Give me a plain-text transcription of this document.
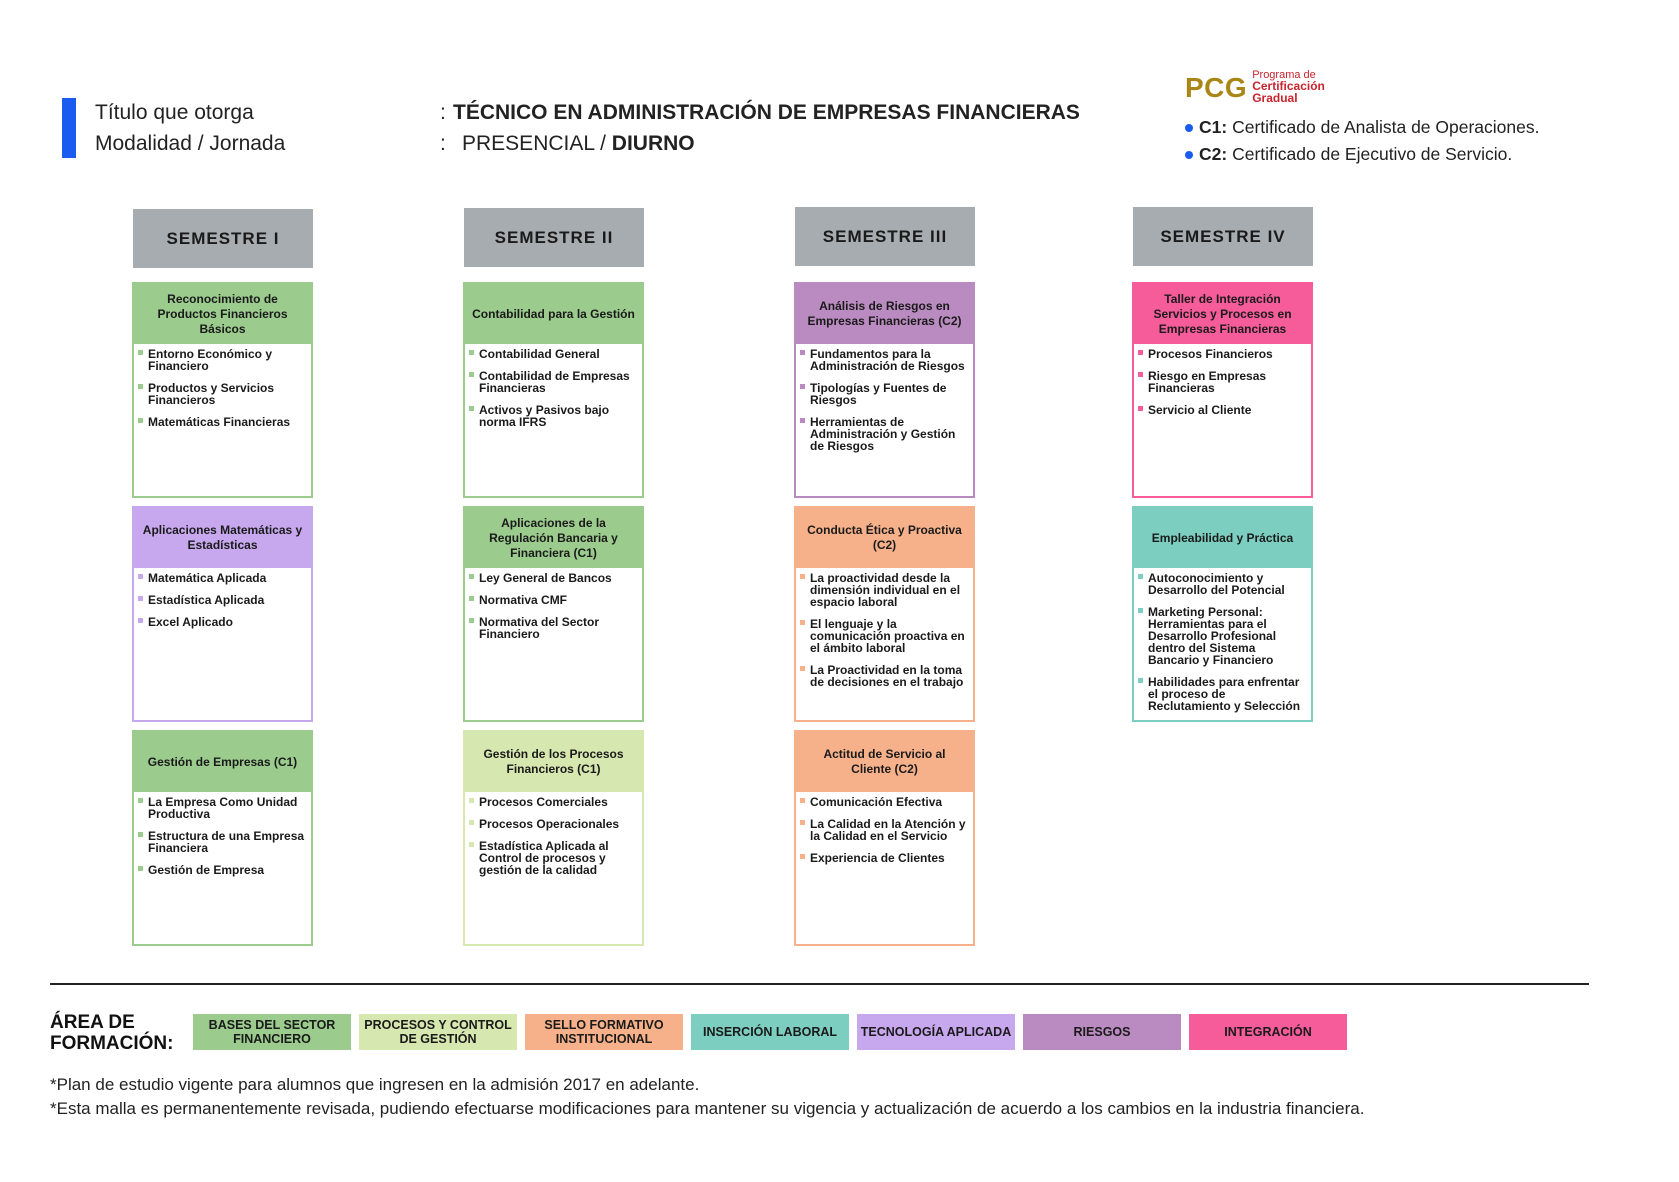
Título que otorga
Modalidad / Jornada
:
:
TÉCNICO EN ADMINISTRACIÓN DE EMPRESAS FINANCIERAS
PRESENCIAL / DIURNO
PCG Programa de
Certificación
Gradual
C1: Certificado de Analista de Operaciones.
C2: Certificado de Ejecutivo de Servicio.
SEMESTRE I	SEMESTRE II	SEMESTRE III	SEMESTRE IV
Reconocimiento de Productos Financieros Básicos
Entorno Económico y Financiero
Productos y Servicios Financieros
Matemáticas Financieras
Aplicaciones Matemáticas y Estadísticas
Matemática Aplicada
Estadística Aplicada
Excel Aplicado
Gestión de Empresas (C1)
La Empresa Como Unidad Productiva
Estructura de una Empresa Financiera
Gestión de Empresa
Contabilidad para la Gestión
Contabilidad General
Contabilidad de Empresas Financieras
Activos y Pasivos bajo norma IFRS
Aplicaciones de la Regulación Bancaria y Financiera (C1)
Ley General de Bancos
Normativa CMF
Normativa del Sector Financiero
Gestión de los Procesos Financieros (C1)
Procesos Comerciales
Procesos Operacionales
Estadística Aplicada al Control de procesos y gestión de la calidad
Análisis de Riesgos en Empresas Financieras (C2)
Fundamentos para la Administración de Riesgos
Tipologías y Fuentes de Riesgos
Herramientas de Administración y Gestión de Riesgos
Conducta Ética y Proactiva (C2)
La proactividad desde la dimensión individual en el espacio laboral
El lenguaje y la comunicación proactiva en el ámbito laboral
La Proactividad en la toma de decisiones en el trabajo
Actitud de Servicio al Cliente (C2)
Comunicación Efectiva
La Calidad en la Atención y la Calidad en el Servicio
Experiencia de Clientes
Taller de Integración Servicios y Procesos en Empresas Financieras
Procesos Financieros
Riesgo en Empresas Financieras
Servicio al Cliente
Empleabilidad y Práctica
Autoconocimiento y Desarrollo del Potencial
Marketing Personal: Herramientas para el Desarrollo Profesional dentro del Sistema Bancario y Financiero
Habilidades para enfrentar el proceso de Reclutamiento y Selección
ÁREA DE
FORMACIÓN:
BASES DEL SECTOR FINANCIERO
PROCESOS Y CONTROL DE GESTIÓN
SELLO FORMATIVO INSTITUCIONAL	INSERCIÓN LABORAL	TECNOLOGÍA APLICADA	RIESGOS	INTEGRACIÓN
*Plan de estudio vigente para alumnos que ingresen en la admisión 2017 en adelante.
*Esta malla es permanentemente revisada, pudiendo efectuarse modificaciones para mantener su vigencia y actualización de acuerdo a los cambios en la industria financiera.
